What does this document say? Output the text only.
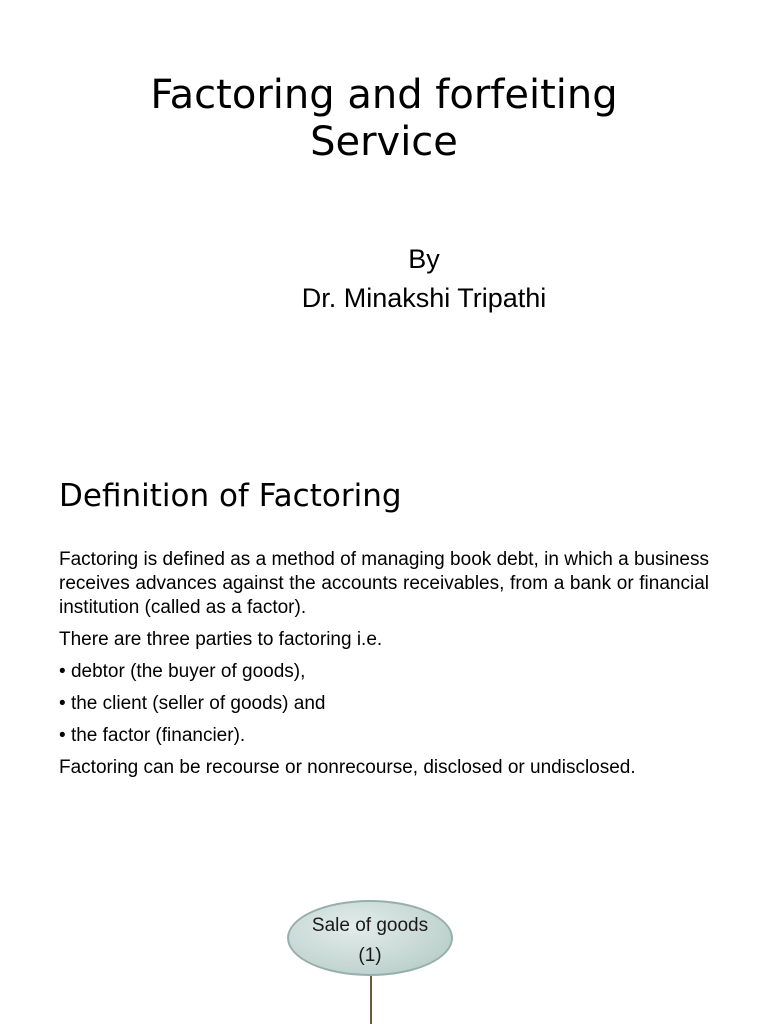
Factoring and forfeiting
Service
By
Dr. Minakshi Tripathi
Definition of Factoring

Factoring is defined as a method of managing book debt, in which a business receives advances against the accounts receivables, from a bank or financial institution (called as a factor).

There are three parties to factoring i.e.

• debtor (the buyer of goods),

• the client (seller of goods) and

• the factor (financier).

Factoring can be recourse or nonrecourse, disclosed or undisclosed.

Sale of goods
(1)
